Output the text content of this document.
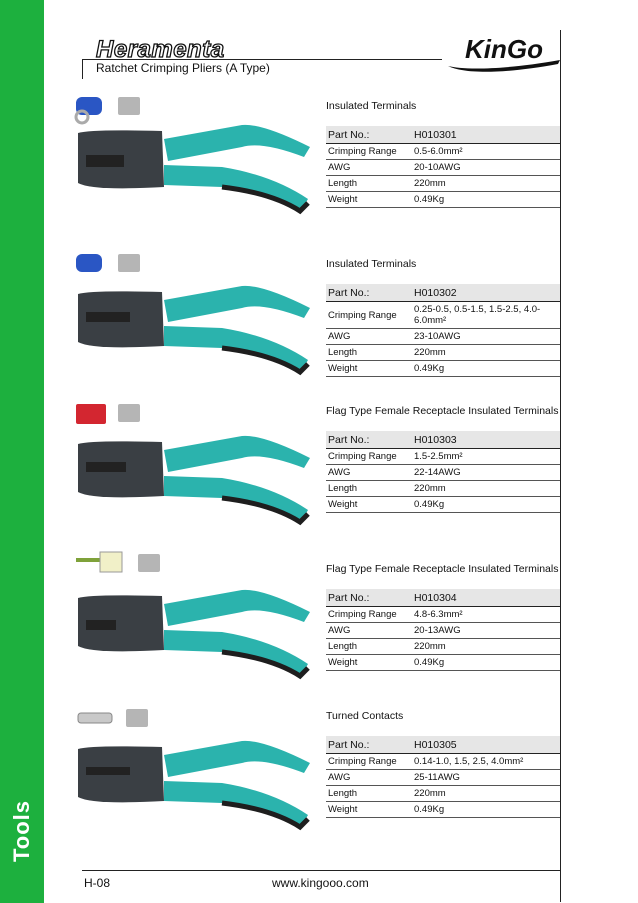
Tools
Heramenta
Ratchet Crimping Pliers (A Type)
KinGo
Insulated Terminals
Part No.:	H010301
Crimping Range	0.5-6.0mm²
AWG	20-10AWG
Length	220mm
Weight	0.49Kg
Insulated Terminals
Part No.:	H010302
Crimping Range	0.25-0.5, 0.5-1.5, 1.5-2.5, 4.0-6.0mm²
AWG	23-10AWG
Length	220mm
Weight	0.49Kg
Flag Type Female Receptacle Insulated Terminals
Part No.:	H010303
Crimping Range	1.5-2.5mm²
AWG	22-14AWG
Length	220mm
Weight	0.49Kg
Flag Type Female Receptacle Insulated Terminals
Part No.:	H010304
Crimping Range	4.8-6.3mm²
AWG	20-13AWG
Length	220mm
Weight	0.49Kg
Turned Contacts
Part No.:	H010305
Crimping Range	0.14-1.0, 1.5, 2.5, 4.0mm²
AWG	25-11AWG
Length	220mm
Weight	0.49Kg
H-08	www.kingooo.com
